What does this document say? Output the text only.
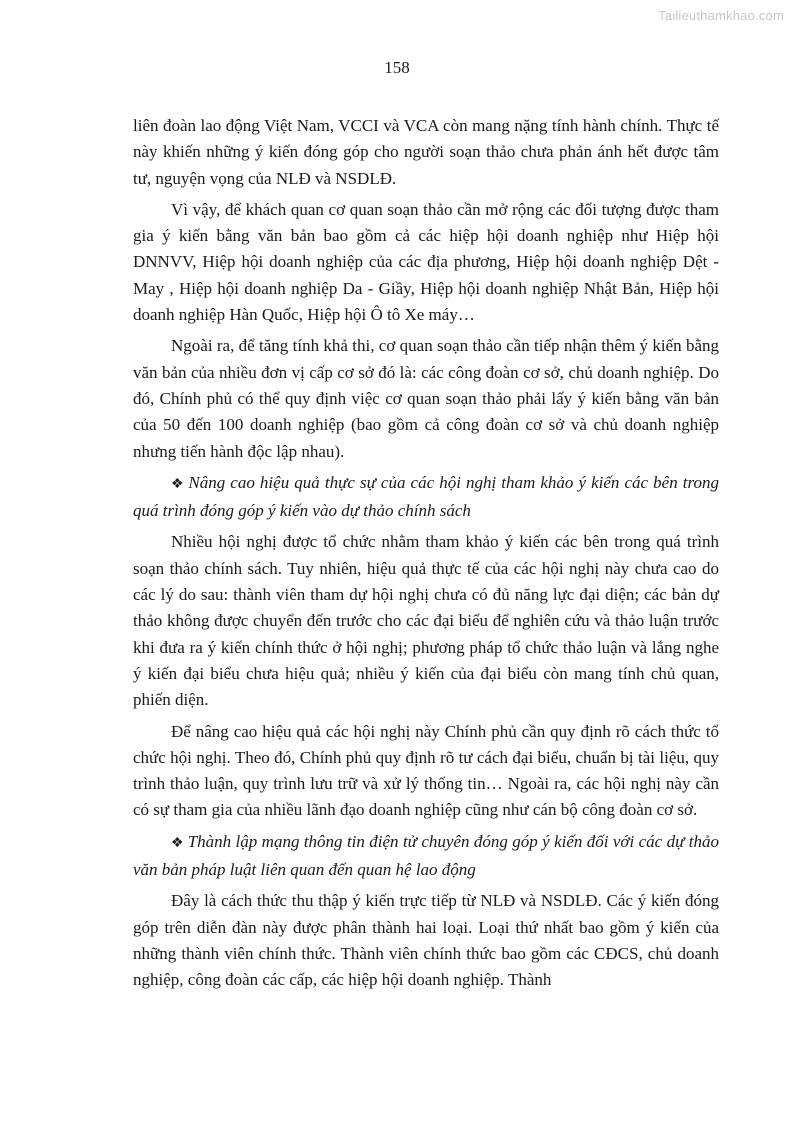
Tailieuthamkhao.com
158

liên đoàn lao động Việt Nam, VCCI và VCA còn mang nặng tính hành chính. Thực tế này khiến những ý kiến đóng góp cho người soạn thảo chưa phản ánh hết được tâm tư, nguyện vọng của NLĐ và NSDLĐ.

Vì vậy, để khách quan cơ quan soạn thảo cần mở rộng các đối tượng được tham gia ý kiến bằng văn bản bao gồm cả các hiệp hội doanh nghiệp như Hiệp hội DNNVV, Hiệp hội doanh nghiệp của các địa phương, Hiệp hội doanh nghiệp Dệt - May , Hiệp hội doanh nghiệp Da - Giầy, Hiệp hội doanh nghiệp Nhật Bản, Hiệp hội doanh nghiệp Hàn Quốc, Hiệp hội Ô tô Xe máy…

Ngoài ra, để tăng tính khả thi, cơ quan soạn thảo cần tiếp nhận thêm ý kiến bằng văn bản của nhiều đơn vị cấp cơ sở đó là: các công đoàn cơ sở, chủ doanh nghiệp. Do đó, Chính phủ có thể quy định việc cơ quan soạn thảo phải lấy ý kiến bằng văn bản của 50 đến 100 doanh nghiệp (bao gồm cả công đoàn cơ sở và chủ doanh nghiệp nhưng tiến hành độc lập nhau).

❖ Nâng cao hiệu quả thực sự của các hội nghị tham khảo ý kiến các bên trong quá trình đóng góp ý kiến vào dự thảo chính sách

Nhiều hội nghị được tổ chức nhằm tham khảo ý kiến các bên trong quá trình soạn thảo chính sách. Tuy nhiên, hiệu quả thực tế của các hội nghị này chưa cao do các lý do sau: thành viên tham dự hội nghị chưa có đủ năng lực đại diện; các bản dự thảo không được chuyển đến trước cho các đại biểu để nghiên cứu và thảo luận trước khi đưa ra ý kiến chính thức ở hội nghị; phương pháp tổ chức thảo luận và lắng nghe ý kiến đại biểu chưa hiệu quả; nhiều ý kiến của đại biểu còn mang tính chủ quan, phiến diện.

Để nâng cao hiệu quả các hội nghị này Chính phủ cần quy định rõ cách thức tổ chức hội nghị. Theo đó, Chính phủ quy định rõ tư cách đại biểu, chuẩn bị tài liệu, quy trình thảo luận, quy trình lưu trữ và xử lý thống tin… Ngoài ra, các hội nghị này cần có sự tham gia của nhiều lãnh đạo doanh nghiệp cũng như cán bộ công đoàn cơ sở.

❖ Thành lập mạng thông tin điện tử chuyên đóng góp ý kiến đối với các dự thảo văn bản pháp luật liên quan đến quan hệ lao động

Đây là cách thức thu thập ý kiến trực tiếp từ NLĐ và NSDLĐ. Các ý kiến đóng góp trên diễn đàn này được phân thành hai loại. Loại thứ nhất bao gồm ý kiến của những thành viên chính thức. Thành viên chính thức bao gồm các CĐCS, chủ doanh nghiệp, công đoàn các cấp, các hiệp hội doanh nghiệp. Thành
